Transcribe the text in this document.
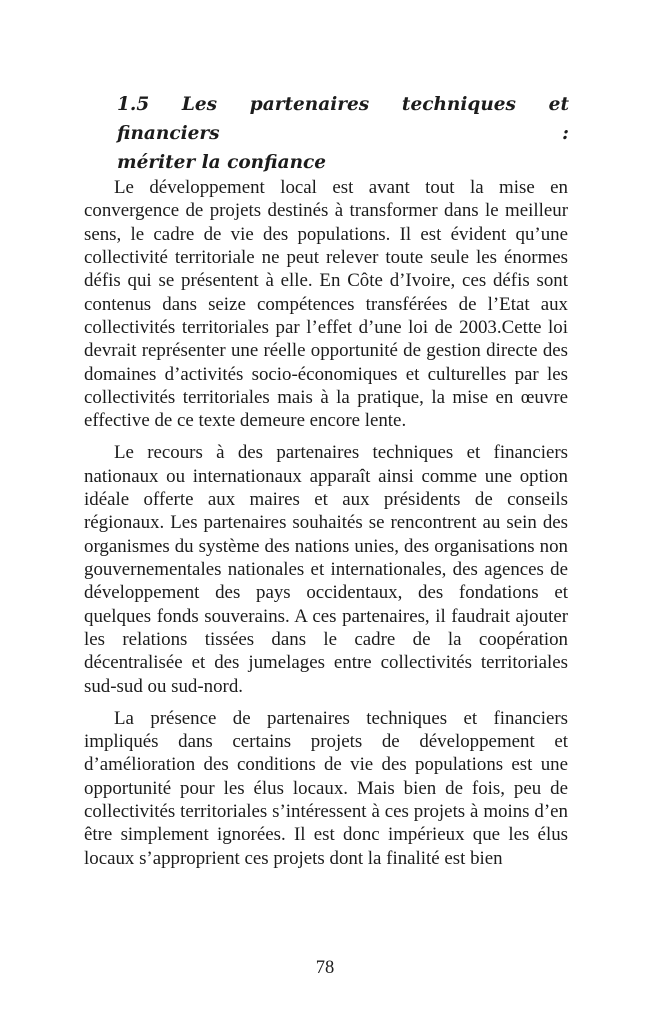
1.5 Les partenaires techniques et financiers :
mériter la confiance

Le développement local est avant tout la mise en convergence de projets destinés à transformer dans le meilleur sens, le cadre de vie des populations. Il est évident qu’une collectivité territoriale ne peut relever toute seule les énormes défis qui se présentent à elle. En Côte d’Ivoire, ces défis sont contenus dans seize compétences transférées de l’Etat aux collectivités territoriales par l’effet d’une loi de 2003.Cette loi devrait représenter une réelle opportunité de gestion directe des domaines d’activités socio-économiques et culturelles par les collectivités territoriales mais à la pratique, la mise en œuvre effective de ce texte demeure encore lente.

Le recours à des partenaires techniques et financiers nationaux ou internationaux apparaît ainsi comme une option idéale offerte aux maires et aux présidents de conseils régionaux. Les partenaires souhaités se rencontrent au sein des organismes du système des nations unies, des organisations non gouvernementales nationales et internationales, des agences de développement des pays occidentaux, des fondations et quelques fonds souverains. A ces partenaires, il faudrait ajouter les relations tissées dans le cadre de la coopération décentralisée et des jumelages entre collectivités territoriales sud-sud ou sud-nord.

La présence de partenaires techniques et financiers impliqués dans certains projets de développement et d’amélioration des conditions de vie des populations est une opportunité pour les élus locaux. Mais bien de fois, peu de collectivités territoriales s’intéressent à ces projets à moins d’en être simplement ignorées. Il est donc impérieux que les élus locaux s’approprient ces projets dont la finalité est bien

78
